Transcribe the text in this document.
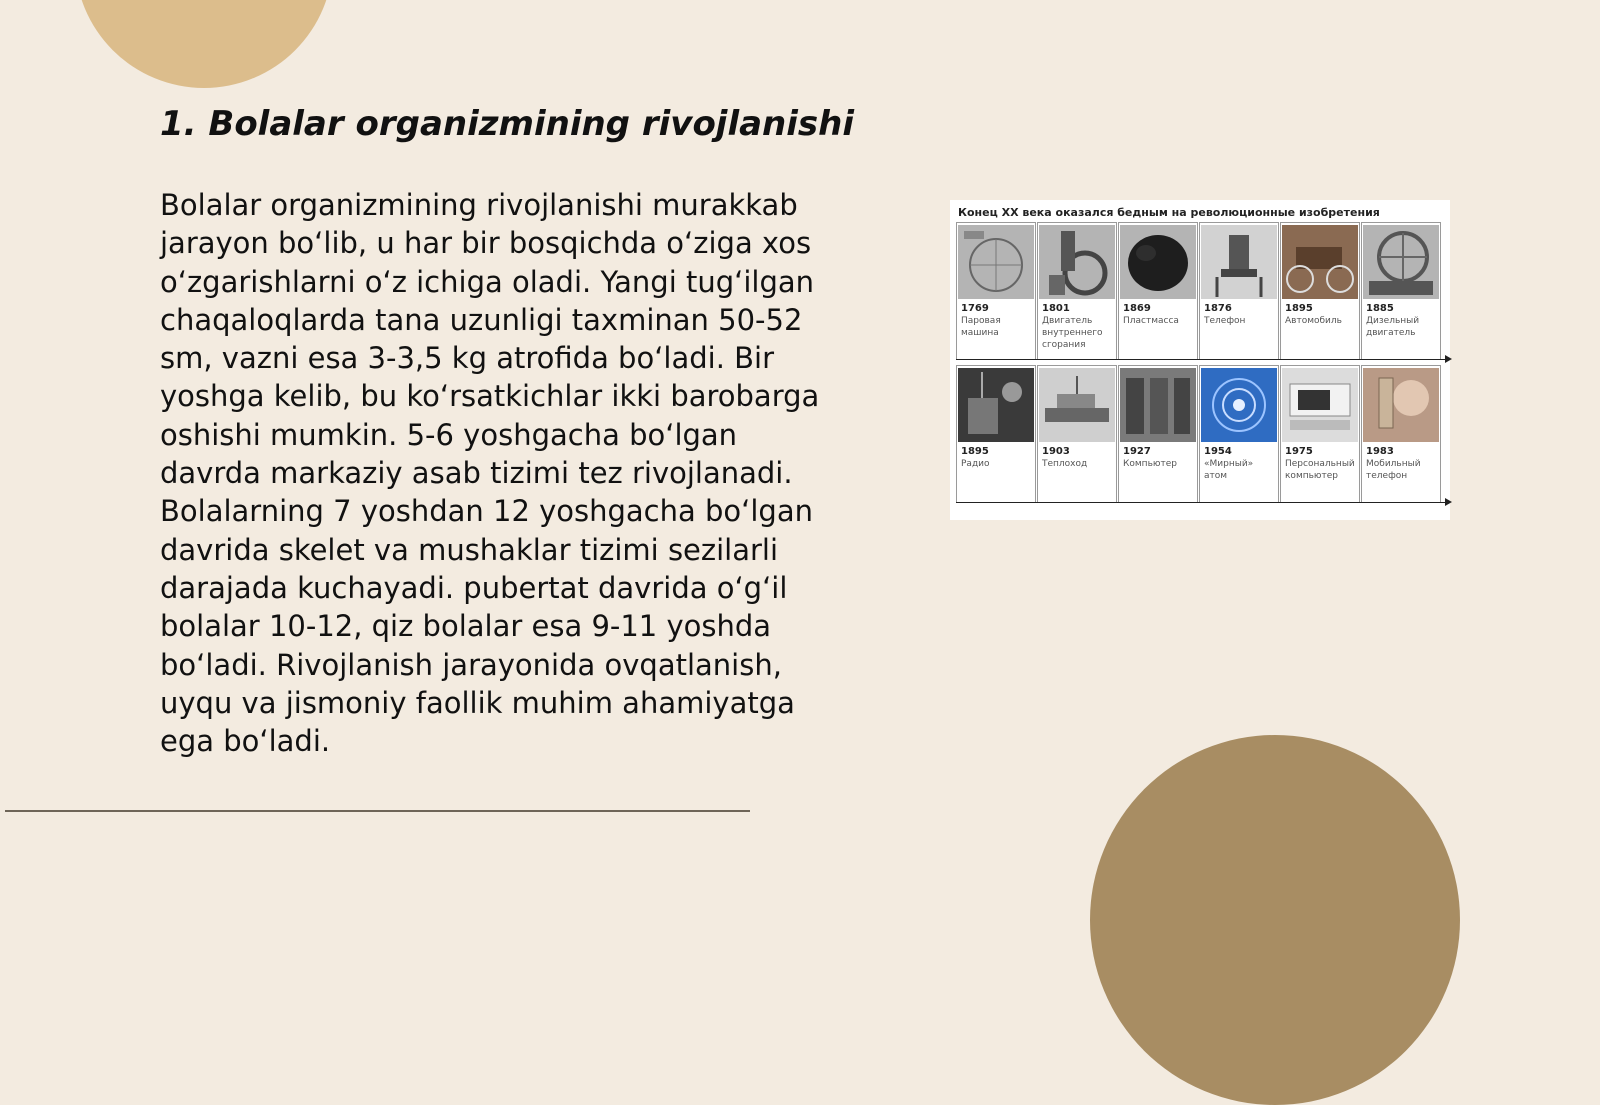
1. Bolalar organizmining rivojlanishi

Bolalar organizmining rivojlanishi murakkab
jarayon bo‘lib, u har bir bosqichda o‘ziga xos
o‘zgarishlarni o‘z ichiga oladi. Yangi tug‘ilgan
chaqaloqlarda tana uzunligi taxminan 50-52
sm, vazni esa 3-3,5 kg atrofida bo‘ladi. Bir
yoshga kelib, bu ko‘rsatkichlar ikki barobarga
oshishi mumkin. 5-6 yoshgacha bo‘lgan
davrda markaziy asab tizimi tez rivojlanadi.
Bolalarning 7 yoshdan 12 yoshgacha bo‘lgan
davrida skelet va mushaklar tizimi sezilarli
darajada kuchayadi. pubertat davrida o‘g‘il
bolalar 10-12, qiz bolalar esa 9-11 yoshda
bo‘ladi. Rivojlanish jarayonida ovqatlanish,
uyqu va jismoniy faollik muhim ahamiyatga
ega bo‘ladi.

Конец XX века оказался бедным на революционные изобретения
1769
Паровая
машина
1801
Двигатель
внутреннего
сгорания
1869
Пластмасса
1876
Телефон
1895
Автомобиль
1885
Дизельный
двигатель
1895
Радио
1903
Теплоход
1927
Компьютер
1954
«Мирный» атом
1975
Персональный
компьютер
1983
Мобильный
телефон
